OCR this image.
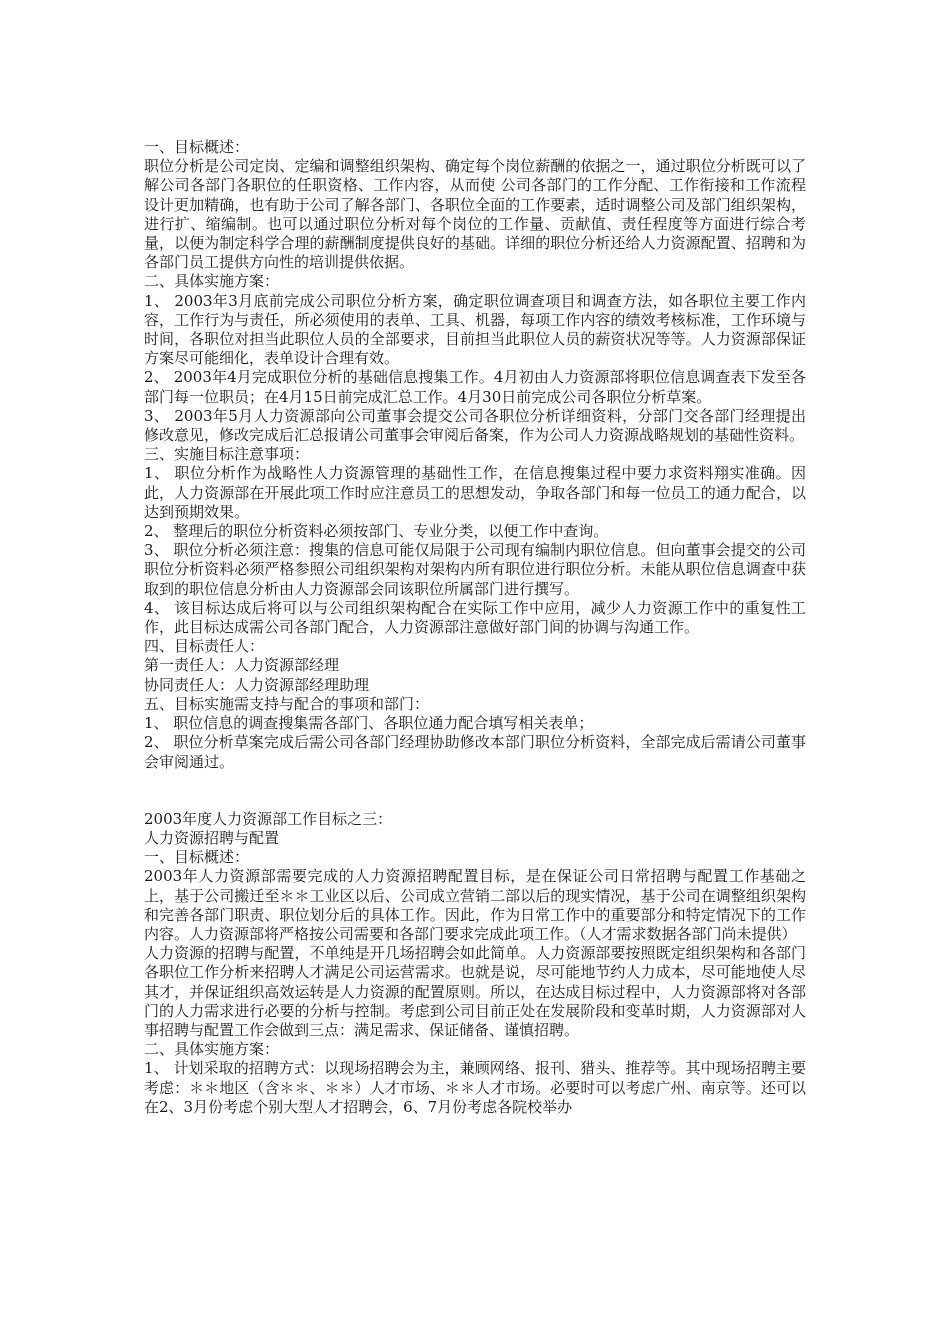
一、目标概述：

职位分析是公司定岗、定编和调整组织架构、确定每个岗位薪酬的依据之一，通过职位分析既可以了解公司各部门各职位的任职资格、工作内容，从而使 公司各部门的工作分配、工作衔接和工作流程设计更加精确，也有助于公司了解各部门、各职位全面的工作要素，适时调整公司及部门组织架构，进行扩、缩编制。也可以通过职位分析对每个岗位的工作量、贡献值、责任程度等方面进行综合考量，以便为制定科学合理的薪酬制度提供良好的基础。详细的职位分析还给人力资源配置、招聘和为各部门员工提供方向性的培训提供依据。

二、具体实施方案：

1、 2003年3月底前完成公司职位分析方案，确定职位调查项目和调查方法，如各职位主要工作内容，工作行为与责任，所必须使用的表单、工具、机器，每项工作内容的绩效考核标准，工作环境与时间，各职位对担当此职位人员的全部要求，目前担当此职位人员的薪资状况等等。人力资源部保证方案尽可能细化，表单设计合理有效。

2、 2003年4月完成职位分析的基础信息搜集工作。4月初由人力资源部将职位信息调查表下发至各部门每一位职员；在4月15日前完成汇总工作。4月30日前完成公司各职位分析草案。

3、 2003年5月人力资源部向公司董事会提交公司各职位分析详细资料，分部门交各部门经理提出修改意见，修改完成后汇总报请公司董事会审阅后备案，作为公司人力资源战略规划的基础性资料。

三、实施目标注意事项：

1、 职位分析作为战略性人力资源管理的基础性工作，在信息搜集过程中要力求资料翔实准确。因此，人力资源部在开展此项工作时应注意员工的思想发动，争取各部门和每一位员工的通力配合，以达到预期效果。

2、 整理后的职位分析资料必须按部门、专业分类，以便工作中查询。

3、 职位分析必须注意：搜集的信息可能仅局限于公司现有编制内职位信息。但向董事会提交的公司职位分析资料必须严格参照公司组织架构对架构内所有职位进行职位分析。未能从职位信息调查中获取到的职位信息分析由人力资源部会同该职位所属部门进行撰写。

4、 该目标达成后将可以与公司组织架构配合在实际工作中应用，减少人力资源工作中的重复性工作，此目标达成需公司各部门配合，人力资源部注意做好部门间的协调与沟通工作。

四、目标责任人：

第一责任人：人力资源部经理

协同责任人：人力资源部经理助理

五、目标实施需支持与配合的事项和部门：

1、 职位信息的调查搜集需各部门、各职位通力配合填写相关表单；

2、 职位分析草案完成后需公司各部门经理协助修改本部门职位分析资料，全部完成后需请公司董事会审阅通过。

2003年度人力资源部工作目标之三：

人力资源招聘与配置

一、目标概述：

2003年人力资源部需要完成的人力资源招聘配置目标，是在保证公司日常招聘与配置工作基础之上，基于公司搬迁至＊＊工业区以后、公司成立营销二部以后的现实情况，基于公司在调整组织架构和完善各部门职责、职位划分后的具体工作。因此，作为日常工作中的重要部分和特定情况下的工作内容。人力资源部将严格按公司需要和各部门要求完成此项工作。（人才需求数据各部门尚未提供）

人力资源的招聘与配置，不单纯是开几场招聘会如此简单。人力资源部要按照既定组织架构和各部门各职位工作分析来招聘人才满足公司运营需求。也就是说，尽可能地节约人力成本，尽可能地使人尽其才，并保证组织高效运转是人力资源的配置原则。所以，在达成目标过程中，人力资源部将对各部门的人力需求进行必要的分析与控制。考虑到公司目前正处在发展阶段和变革时期，人力资源部对人事招聘与配置工作会做到三点：满足需求、保证储备、谨慎招聘。

二、具体实施方案：

1、 计划采取的招聘方式：以现场招聘会为主，兼顾网络、报刊、猎头、推荐等。其中现场招聘主要考虑：＊＊地区（含＊＊、＊＊）人才市场、＊＊人才市场。必要时可以考虑广州、南京等。还可以在2、3月份考虑个别大型人才招聘会，6、7月份考虑各院校举办
